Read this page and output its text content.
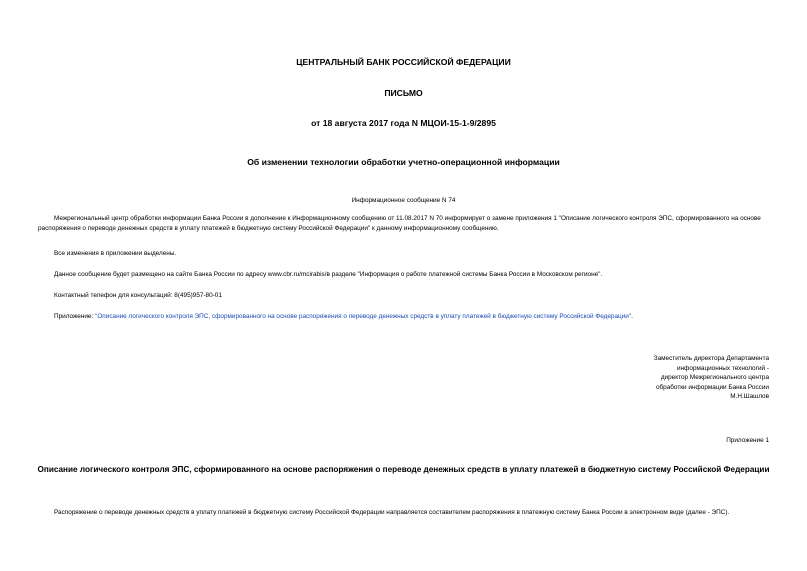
ЦЕНТРАЛЬНЫЙ БАНК РОССИЙСКОЙ ФЕДЕРАЦИИ
ПИСЬМО
от 18 августа 2017 года N МЦОИ-15-1-9/2895
Об изменении технологии обработки учетно-операционной информации
Информационное сообщение N 74
Межрегиональный центр обработки информации Банка России в дополнение к Информационному сообщению от 11.08.2017 N 70 информирует о замене приложения 1 "Описание логического контроля ЭПС, сформированного на основе распоряжения о переводе денежных средств в уплату платежей в бюджетную систему Российской Федерации" к данному информационному сообщению.
Все изменения в приложении выделены.
Данное сообщение будет размещено на сайте Банка России по адресу www.cbr.ru/mcirabis/в разделе "Информация о работе платежной системы Банка России в Московском регионе".
Контактный телефон для консультаций: 8(495)957-80-01
Приложение: "Описание логического контроля ЭПС, сформированного на основе распоряжения о переводе денежных средств в уплату платежей в бюджетную систему Российской Федерации".
Заместитель директора Департамента
информационных технологий -
директор Межрегионального центра
обработки информации Банка России
М.Н.Шашлов
Приложение 1
Описание логического контроля ЭПС, сформированного на основе распоряжения о переводе денежных средств в уплату платежей в бюджетную систему Российской Федерации
Распоряжение о переводе денежных средств в уплату платежей в бюджетную систему Российской Федерации направляется составителем распоряжения в платежную систему Банка России в электронном виде (далее - ЭПС).
